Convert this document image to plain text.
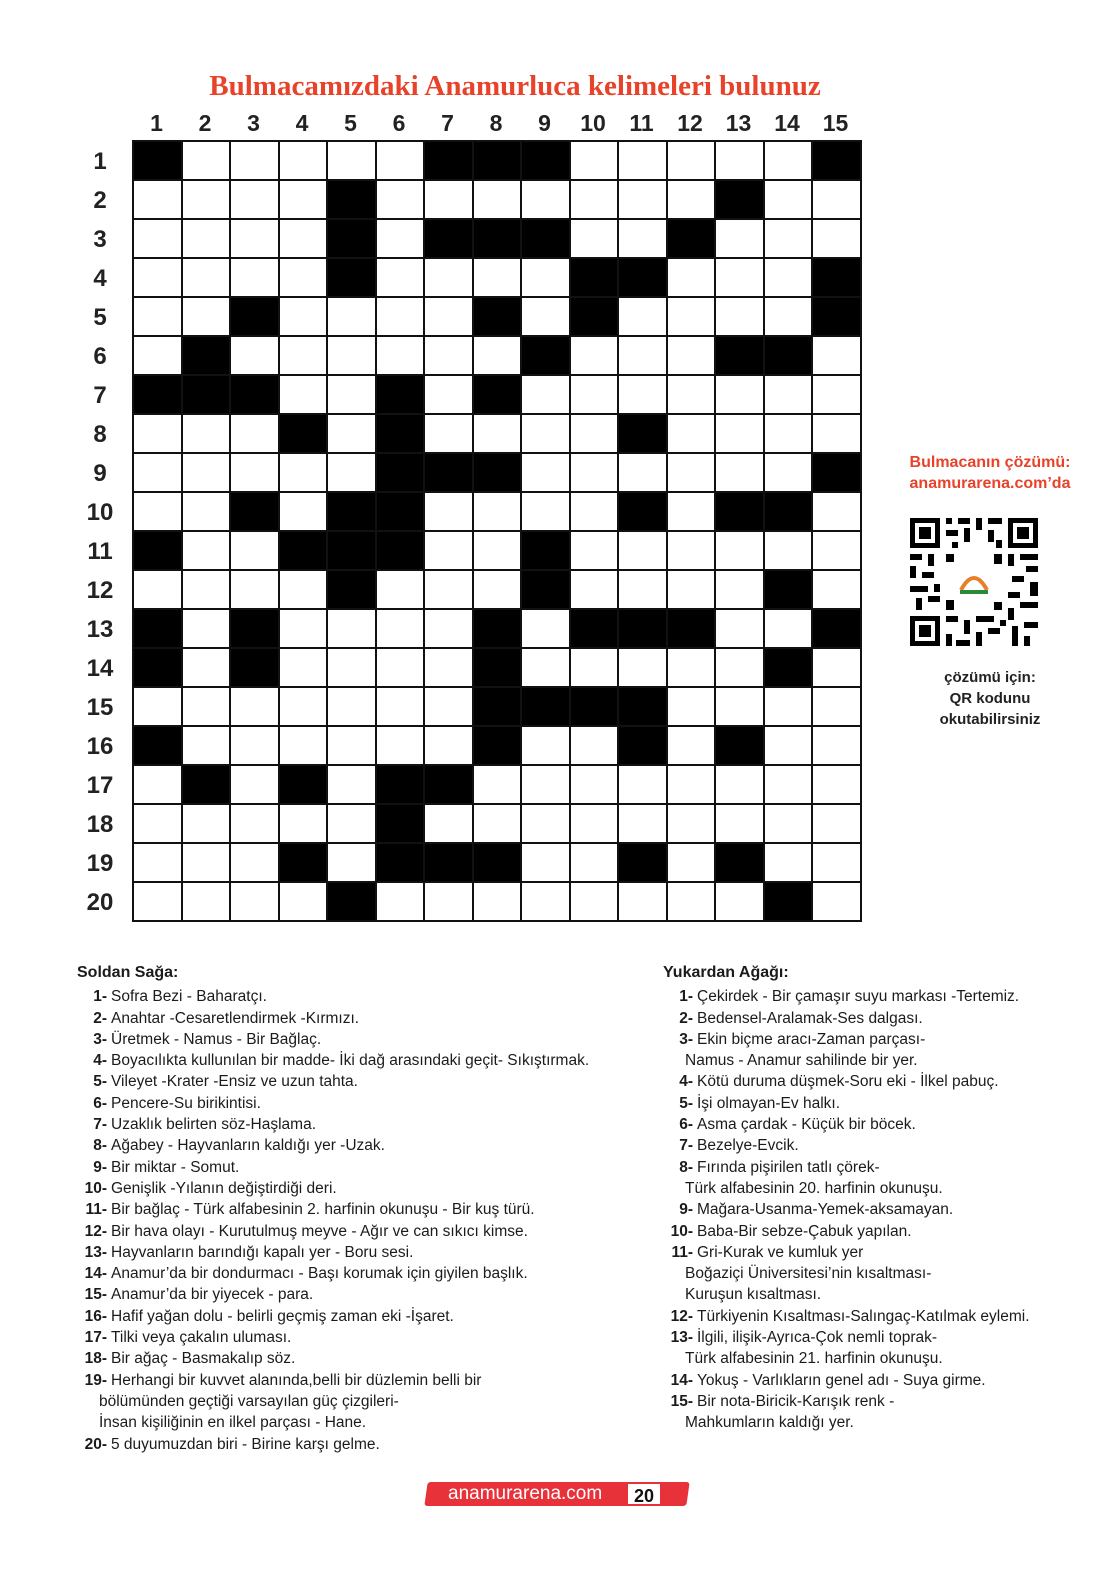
Bulmacamızdaki Anamurluca kelimeleri bulunuz
1	2	3	4	5	6	7	8	9	10	11	12 13 14 15
1
2
3
4
5
6
7
8
9
10
11
12
13
14
15
16
17
18
19
20
Bulmacanın çözümü:
anamurarena.com’da
çözümü için:
QR kodunu
okutabilirsiniz
Soldan Sağa:
1- Sofra Bezi - Baharatçı.
2- Anahtar -Cesaretlendirmek -Kırmızı.
3- Üretmek - Namus - Bir Bağlaç.
4- Boyacılıkta kullunılan bir madde- İki dağ arasındaki geçit- Sıkıştırmak.
5- Vileyet -Krater -Ensiz ve uzun tahta.
6- Pencere-Su birikintisi.
7- Uzaklık belirten söz-Haşlama.
8- Ağabey - Hayvanların kaldığı yer -Uzak.
9- Bir miktar - Somut.
10- Genişlik -Yılanın değiştirdiği deri.
11- Bir bağlaç - Türk alfabesinin 2. harfinin okunuşu - Bir kuş türü.
12- Bir hava olayı - Kurutulmuş meyve - Ağır ve can sıkıcı kimse.
13- Hayvanların barındığı kapalı yer - Boru sesi.
14- Anamur’da bir dondurmacı - Başı korumak için giyilen başlık.
15- Anamur’da bir yiyecek - para.
16- Hafif yağan dolu - belirli geçmiş zaman eki -İşaret.
17- Tilki veya çakalın uluması.
18- Bir ağaç - Basmakalıp söz.
19- Herhangi bir kuvvet alanında,belli bir düzlemin belli bir
bölümünden geçtiği varsayılan güç çizgileri-
İnsan kişiliğinin en ilkel parçası - Hane.
20- 5 duyumuzdan biri - Birine karşı gelme.
Yukardan Ağağı:
1- Çekirdek - Bir çamaşır suyu markası -Tertemiz.
2- Bedensel-Aralamak-Ses dalgası.
3- Ekin biçme aracı-Zaman parçası-
Namus - Anamur sahilinde bir yer.
4- Kötü duruma düşmek-Soru eki - İlkel pabuç.
5- İşi olmayan-Ev halkı.
6- Asma çardak - Küçük bir böcek.
7- Bezelye-Evcik.
8- Fırında pişirilen tatlı çörek-
Türk alfabesinin 20. harfinin okunuşu.
9- Mağara-Usanma-Yemek-aksamayan.
10- Baba-Bir sebze-Çabuk yapılan.
11- Gri-Kurak ve kumluk yer
Boğaziçi Üniversitesi’nin kısaltması-
Kuruşun kısaltması.
12- Türkiyenin Kısaltması-Salıngaç-Katılmak eylemi.
13- İlgili, ilişik-Ayrıca-Çok nemli toprak-
Türk alfabesinin 21. harfinin okunuşu.
14- Yokuş - Varlıkların genel adı - Suya girme.
15- Bir nota-Biricik-Karışık renk -
Mahkumların kaldığı yer.
anamurarena.com	20
